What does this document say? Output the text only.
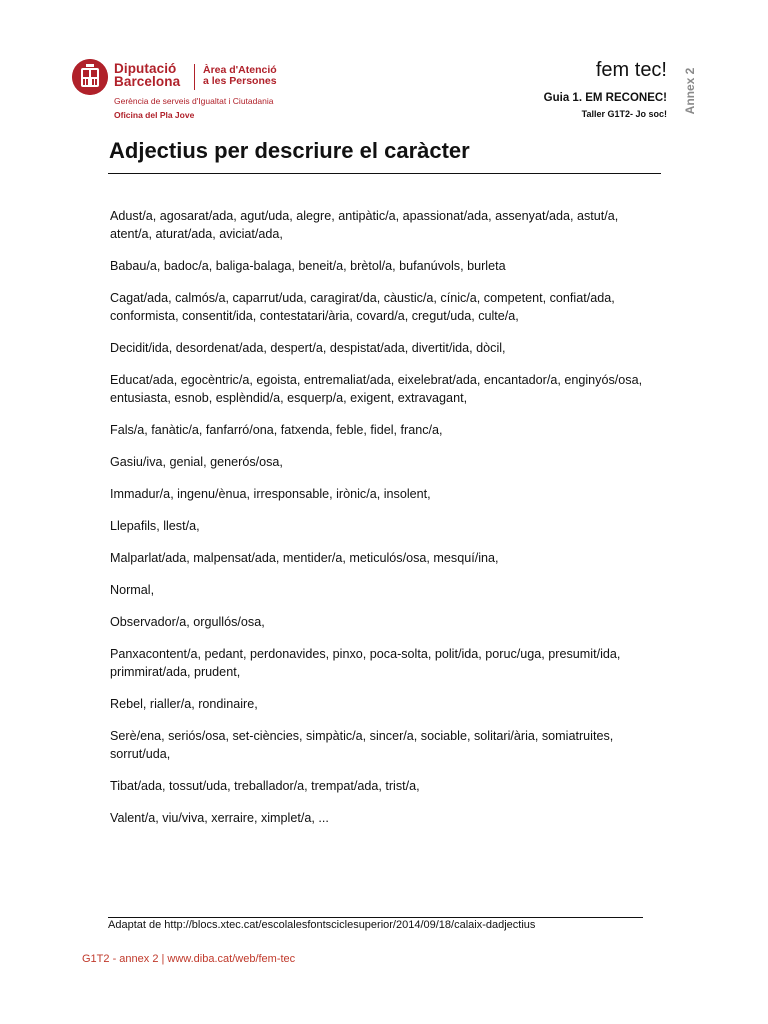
Diputació
Barcelona
Àrea d'Atenció
a les Persones
Gerència de serveis d'Igualtat i Ciutadania
Oficina del Pla Jove
fem tec!
Guia 1. EM RECONEC!
Taller G1T2- Jo soc! Annex 2
Adjectius per descriure el caràcter
Adust/a, agosarat/ada, agut/uda, alegre, antipàtic/a, apassionat/ada, assenyat/ada, astut/a, atent/a, aturat/ada, aviciat/ada,
Babau/a, badoc/a, baliga-balaga, beneit/a, brètol/a, bufanúvols, burleta
Cagat/ada, calmós/a, caparrut/uda, caragirat/da, càustic/a, cínic/a, competent, confiat/ada, conformista, consentit/ida, contestatari/ària, covard/a, cregut/uda, culte/a,
Decidit/ida, desordenat/ada, despert/a, despistat/ada, divertit/ida, dòcil,
Educat/ada, egocèntric/a, egoista, entremaliat/ada, eixelebrat/ada, encantador/a, enginyós/osa, entusiasta, esnob, esplèndid/a, esquerp/a, exigent, extravagant,
Fals/a, fanàtic/a, fanfarró/ona, fatxenda, feble, fidel, franc/a,
Gasiu/iva, genial, generós/osa,
Immadur/a, ingenu/ènua, irresponsable, irònic/a, insolent,
Llepafils, llest/a,
Malparlat/ada, malpensat/ada, mentider/a, meticulós/osa, mesquí/ina,
Normal,
Observador/a, orgullós/osa,
Panxacontent/a, pedant, perdonavides, pinxo, poca-solta, polit/ida, poruc/uga, presumit/ida, primmirat/ada, prudent,
Rebel, rialler/a, rondinaire,
Serè/ena, seriós/osa, set-ciències, simpàtic/a, sincer/a, sociable, solitari/ària, somiatruites, sorrut/uda,
Tibat/ada, tossut/uda, treballador/a, trempat/ada, trist/a,
Valent/a, viu/viva, xerraire, ximplet/a, ...
Adaptat de http://blocs.xtec.cat/escolalesfontsciclesuperior/2014/09/18/calaix-dadjectius
G1T2 - annex 2 | www.diba.cat/web/fem-tec
